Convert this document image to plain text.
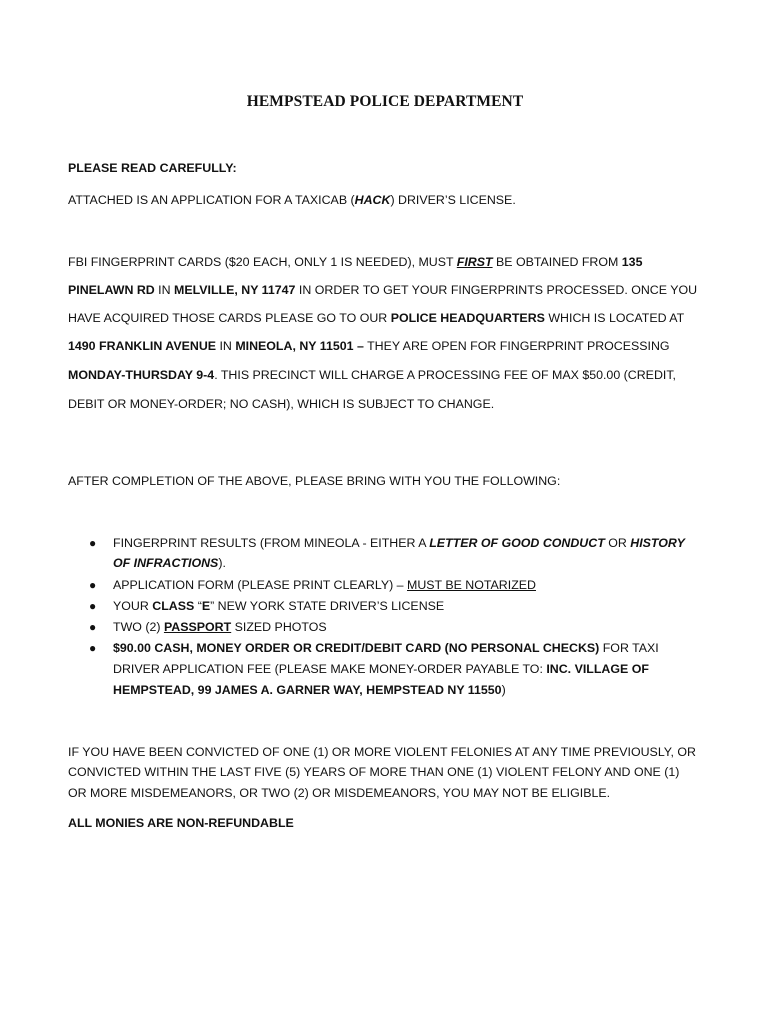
HEMPSTEAD POLICE DEPARTMENT
PLEASE READ CAREFULLY:
ATTACHED IS AN APPLICATION FOR A TAXICAB (HACK) DRIVER’S LICENSE.
FBI FINGERPRINT CARDS ($20 EACH, ONLY 1 IS NEEDED), MUST FIRST BE OBTAINED FROM 135
PINELAWN RD IN MELVILLE, NY 11747 IN ORDER TO GET YOUR FINGERPRINTS PROCESSED. ONCE YOU
HAVE ACQUIRED THOSE CARDS PLEASE GO TO OUR POLICE HEADQUARTERS WHICH IS LOCATED AT
1490 FRANKLIN AVENUE IN MINEOLA, NY 11501 – THEY ARE OPEN FOR FINGERPRINT PROCESSING
MONDAY-THURSDAY 9-4. THIS PRECINCT WILL CHARGE A PROCESSING FEE OF MAX $50.00 (CREDIT,
DEBIT OR MONEY-ORDER; NO CASH), WHICH IS SUBJECT TO CHANGE.
AFTER COMPLETION OF THE ABOVE, PLEASE BRING WITH YOU THE FOLLOWING:
● FINGERPRINT RESULTS (FROM MINEOLA - EITHER A LETTER OF GOOD CONDUCT OR HISTORY
OF INFRACTIONS).
● APPLICATION FORM (PLEASE PRINT CLEARLY) – MUST BE NOTARIZED
● YOUR CLASS “E” NEW YORK STATE DRIVER’S LICENSE
● TWO (2) PASSPORT SIZED PHOTOS
● $90.00 CASH, MONEY ORDER OR CREDIT/DEBIT CARD (NO PERSONAL CHECKS) FOR TAXI
DRIVER APPLICATION FEE (PLEASE MAKE MONEY-ORDER PAYABLE TO: INC. VILLAGE OF
HEMPSTEAD, 99 JAMES A. GARNER WAY, HEMPSTEAD NY 11550)
IF YOU HAVE BEEN CONVICTED OF ONE (1) OR MORE VIOLENT FELONIES AT ANY TIME PREVIOUSLY, OR
CONVICTED WITHIN THE LAST FIVE (5) YEARS OF MORE THAN ONE (1) VIOLENT FELONY AND ONE (1)
OR MORE MISDEMEANORS, OR TWO (2) OR MISDEMEANORS, YOU MAY NOT BE ELIGIBLE.
ALL MONIES ARE NON-REFUNDABLE
